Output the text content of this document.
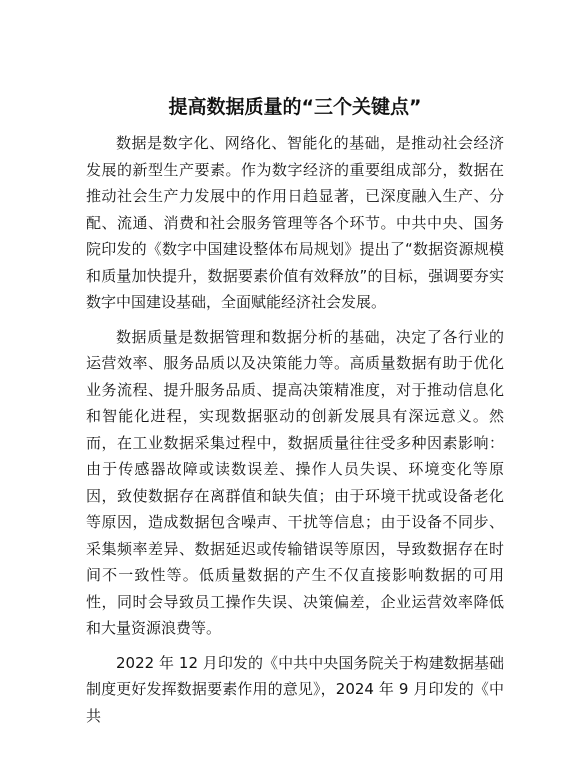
提高数据质量的“三个关键点”

数据是数字化、网络化、智能化的基础，是推动社会经济发展的新型生产要素。作为数字经济的重要组成部分，数据在推动社会生产力发展中的作用日趋显著，已深度融入生产、分配、流通、消费和社会服务管理等各个环节。中共中央、国务院印发的《数字中国建设整体布局规划》提出了“数据资源规模和质量加快提升，数据要素价值有效释放”的目标，强调要夯实数字中国建设基础，全面赋能经济社会发展。

数据质量是数据管理和数据分析的基础，决定了各行业的运营效率、服务品质以及决策能力等。高质量数据有助于优化业务流程、提升服务品质、提高决策精准度，对于推动信息化和智能化进程，实现数据驱动的创新发展具有深远意义。然而，在工业数据采集过程中，数据质量往往受多种因素影响：由于传感器故障或读数误差、操作人员失误、环境变化等原因，致使数据存在离群值和缺失值；由于环境干扰或设备老化等原因，造成数据包含噪声、干扰等信息；由于设备不同步、采集频率差异、数据延迟或传输错误等原因，导致数据存在时间不一致性等。低质量数据的产生不仅直接影响数据的可用性，同时会导致员工操作失误、决策偏差，企业运营效率降低和大量资源浪费等。

2022 年 12 月印发的《中共中央国务院关于构建数据基础制度更好发挥数据要素作用的意见》，2024 年 9 月印发的《中共
